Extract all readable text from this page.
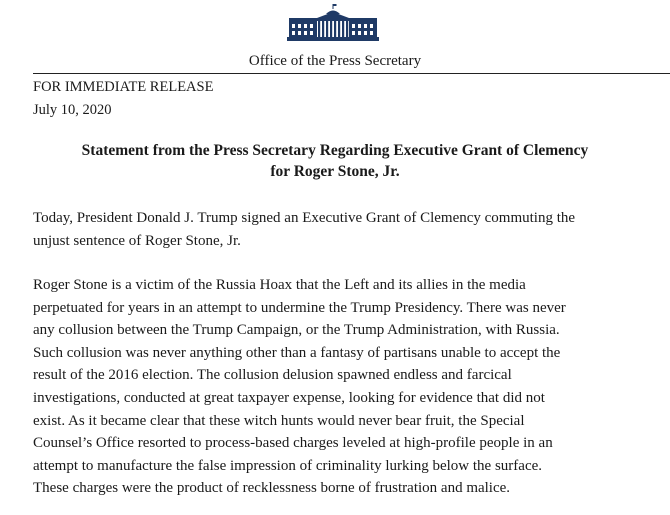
Office of the Press Secretary
FOR IMMEDIATE RELEASE
July 10, 2020
Statement from the Press Secretary Regarding Executive Grant of Clemency
for Roger Stone, Jr.
Today, President Donald J. Trump signed an Executive Grant of Clemency commuting the
unjust sentence of Roger Stone, Jr.
Roger Stone is a victim of the Russia Hoax that the Left and its allies in the media
perpetuated for years in an attempt to undermine the Trump Presidency. There was never
any collusion between the Trump Campaign, or the Trump Administration, with Russia.
Such collusion was never anything other than a fantasy of partisans unable to accept the
result of the 2016 election. The collusion delusion spawned endless and farcical
investigations, conducted at great taxpayer expense, looking for evidence that did not
exist. As it became clear that these witch hunts would never bear fruit, the Special
Counsel’s Office resorted to process-based charges leveled at high-profile people in an
attempt to manufacture the false impression of criminality lurking below the surface.
These charges were the product of recklessness borne of frustration and malice.
